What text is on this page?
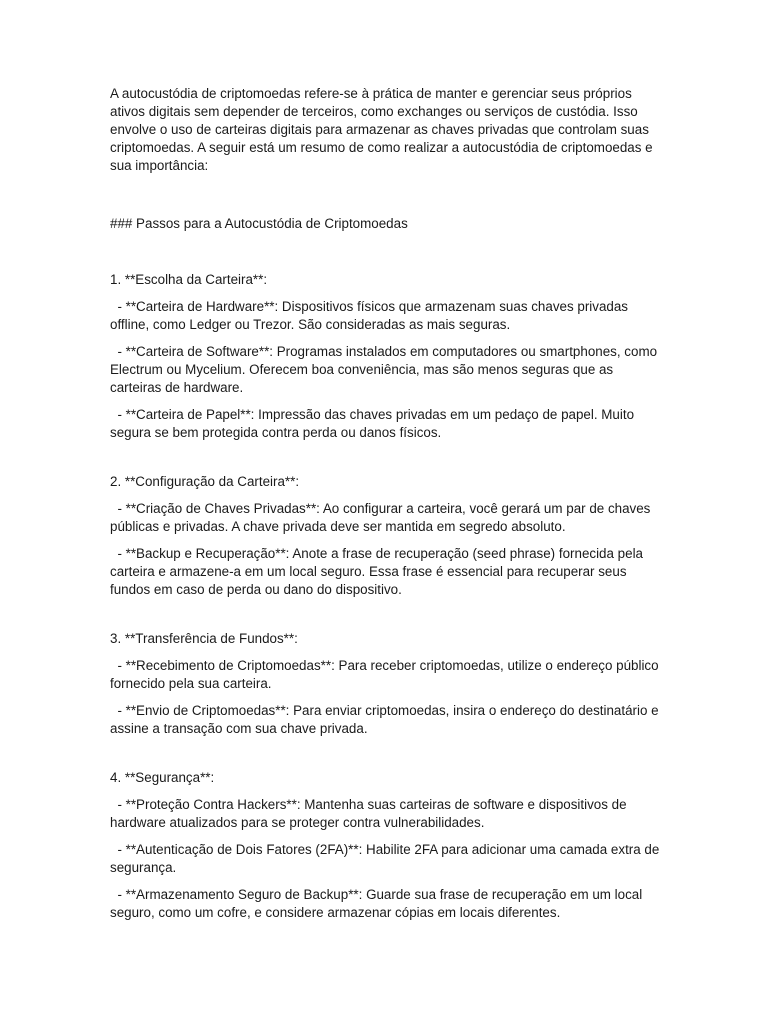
A autocustódia de criptomoedas refere-se à prática de manter e gerenciar seus próprios ativos digitais sem depender de terceiros, como exchanges ou serviços de custódia. Isso envolve o uso de carteiras digitais para armazenar as chaves privadas que controlam suas criptomoedas. A seguir está um resumo de como realizar a autocustódia de criptomoedas e sua importância:

### Passos para a Autocustódia de Criptomoedas

1. **Escolha da Carteira**:

- **Carteira de Hardware**: Dispositivos físicos que armazenam suas chaves privadas offline, como Ledger ou Trezor. São consideradas as mais seguras.

- **Carteira de Software**: Programas instalados em computadores ou smartphones, como Electrum ou Mycelium. Oferecem boa conveniência, mas são menos seguras que as carteiras de hardware.

- **Carteira de Papel**: Impressão das chaves privadas em um pedaço de papel. Muito segura se bem protegida contra perda ou danos físicos.

2. **Configuração da Carteira**:

- **Criação de Chaves Privadas**: Ao configurar a carteira, você gerará um par de chaves públicas e privadas. A chave privada deve ser mantida em segredo absoluto.

- **Backup e Recuperação**: Anote a frase de recuperação (seed phrase) fornecida pela carteira e armazene-a em um local seguro. Essa frase é essencial para recuperar seus fundos em caso de perda ou dano do dispositivo.

3. **Transferência de Fundos**:

- **Recebimento de Criptomoedas**: Para receber criptomoedas, utilize o endereço público fornecido pela sua carteira.

- **Envio de Criptomoedas**: Para enviar criptomoedas, insira o endereço do destinatário e assine a transação com sua chave privada.

4. **Segurança**:

- **Proteção Contra Hackers**: Mantenha suas carteiras de software e dispositivos de hardware atualizados para se proteger contra vulnerabilidades.

- **Autenticação de Dois Fatores (2FA)**: Habilite 2FA para adicionar uma camada extra de segurança.

- **Armazenamento Seguro de Backup**: Guarde sua frase de recuperação em um local seguro, como um cofre, e considere armazenar cópias em locais diferentes.
